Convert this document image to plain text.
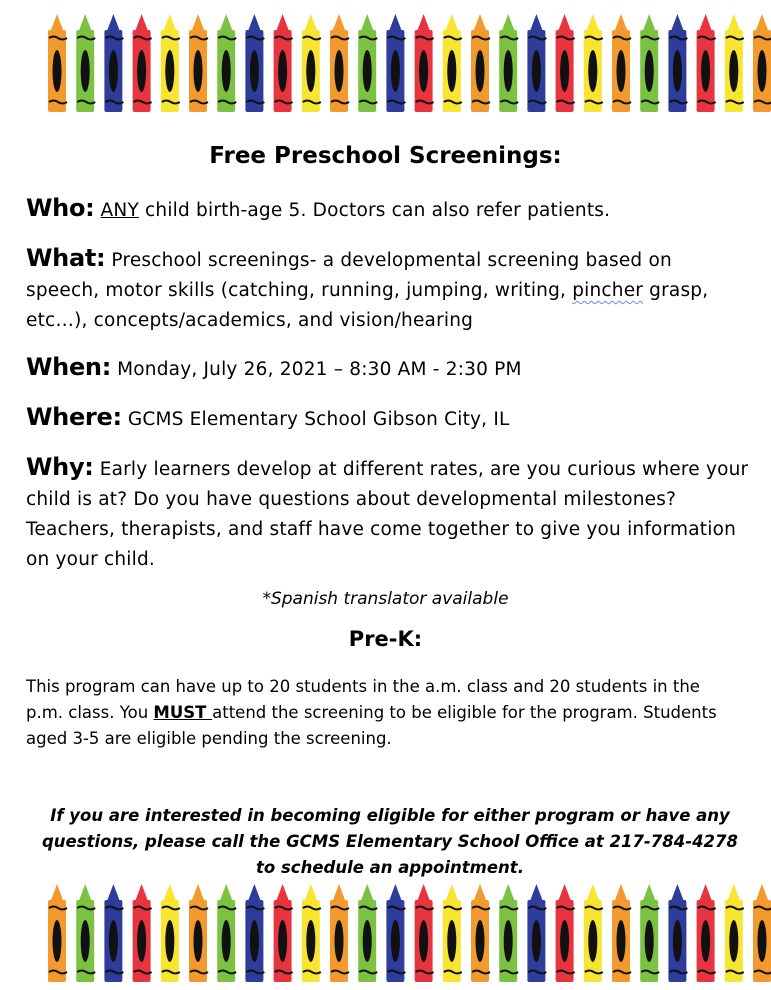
Free Preschool Screenings:
Who: ANY child birth-age 5. Doctors can also refer patients.
What: Preschool screenings- a developmental screening based on speech, motor skills (catching, running, jumping, writing, pincher grasp, etc…), concepts/academics, and vision/hearing
When: Monday, July 26, 2021 – 8:30 AM - 2:30 PM
Where: GCMS Elementary School Gibson City, IL
Why: Early learners develop at different rates, are you curious where your child is at? Do you have questions about developmental milestones? Teachers, therapists, and staff have come together to give you information on your child.
*Spanish translator available
Pre-K:
This program can have up to 20 students in the a.m. class and 20 students in the p.m. class. You MUST attend the screening to be eligible for the program. Students aged 3-5 are eligible pending the screening.
If you are interested in becoming eligible for either program or have any questions, please call the GCMS Elementary School Office at 217-784-4278 to schedule an appointment.
